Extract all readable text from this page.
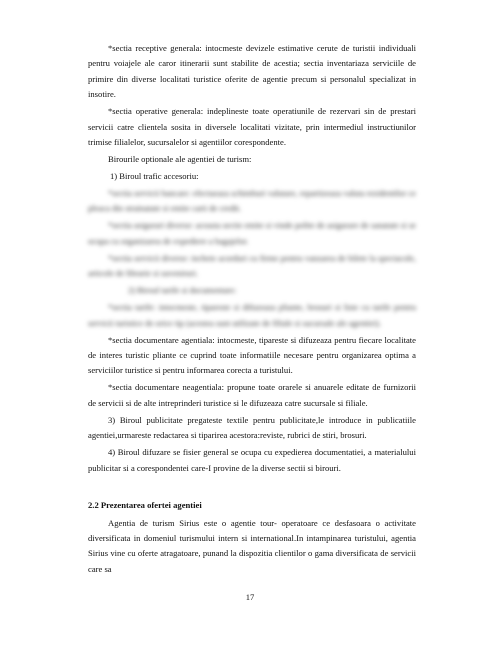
*sectia receptive generala: intocmeste devizele estimative cerute de turistii individuali pentru voiajele ale caror itinerarii sunt stabilite de acestia; sectia inventariaza serviciile de primire din diverse localitati turistice oferite de agentie precum si personalul specializat in insotire.

*sectia operative generala: indeplineste toate operatiunile de rezervari sin de prestari servicii catre clientela sosita in diversele localitati vizitate, prin intermediul instructiunilor trimise filialelor, sucursalelor si agentiilor corespondente.

Birourile optionale ale agentiei de turism:

1) Biroul trafic accesoriu:

*sectia servicii bancare: efectueaza schimburi valutare, repartizeaza valuta rezidentilor ce pleaca din strainatate si emite carti de credit.

*sectia asigurari diverse: aceasta sectie emite si vinde polite de asigurare de sanatate si se ocupa cu organizarea de expediere a bagajelor.

*sectia servicii diverse: incheie acorduri cu firme pentru vanzarea de bilete la spectacole, articole de librarie si suveniruri.

2) Biroul tarife si documentare:

*sectia tarife: intocmeste, tipareste si difuzeaza pliante, brosuri si liste cu tarife pentru servicii turistice de orice tip (acestea sunt utilizate de filiale si sucursale ale agentiei).

*sectia documentare agentiala: intocmeste, tipareste si difuzeaza pentru fiecare localitate de interes turistic pliante ce cuprind toate informatiile necesare pentru organizarea optima a serviciilor turistice si pentru informarea corecta a turistului.

*sectia documentare neagentiala: propune toate orarele si anuarele editate de furnizorii de servicii si de alte intreprinderi turistice si le difuzeaza catre sucursale si filiale.

3) Biroul publicitate pregateste textile pentru publicitate,le introduce in publicatiile agentiei,urmareste redactarea si tiparirea acestora:reviste, rubrici de stiri, brosuri.

4) Biroul difuzare se fisier general se ocupa cu expedierea documentatiei, a materialului publicitar si a corespondentei care-I provine de la diverse sectii si birouri.

2.2 Prezentarea ofertei agentiei

Agentia de turism Sirius este o agentie tour- operatoare ce desfasoara o activitate diversificata in domeniul turismului intern si international.In intampinarea turistului, agentia Sirius vine cu oferte atragatoare, punand la dispozitia clientilor o gama diversificata de servicii care sa

17
